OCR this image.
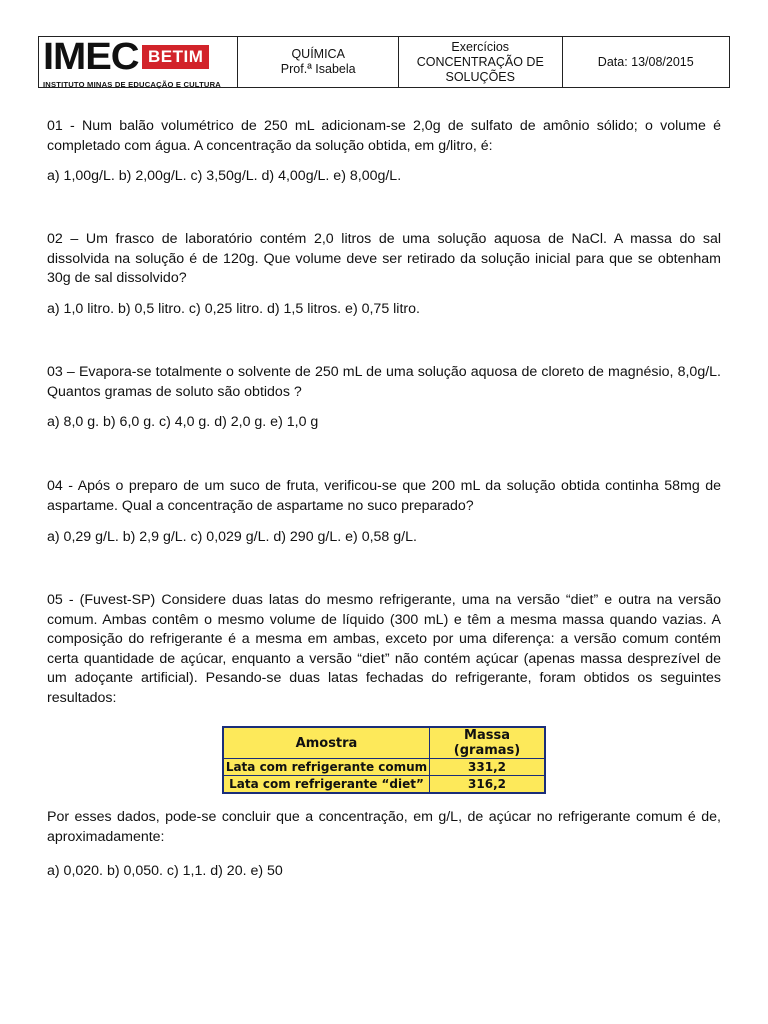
IMEC BETIM
INSTITUTO MINAS DE EDUCAÇÃO E CULTURA
QUÍMICA
Prof.ª Isabela
Exercícios
CONCENTRAÇÃO DE SOLUÇÕES
Data: 13/08/2015
01 - Num balão volumétrico de 250 mL adicionam-se 2,0g de sulfato de amônio sólido; o volume é completado com água. A concentração da solução obtida, em g/litro, é:
a) 1,00g/L. b) 2,00g/L. c) 3,50g/L. d) 4,00g/L. e) 8,00g/L.
02 – Um frasco de laboratório contém 2,0 litros de uma solução aquosa de NaCl. A massa do sal dissolvida na solução é de 120g. Que volume deve ser retirado da solução inicial para que se obtenham 30g de sal dissolvido?
a) 1,0 litro. b) 0,5 litro. c) 0,25 litro. d) 1,5 litros. e) 0,75 litro.
03 – Evapora-se totalmente o solvente de 250 mL de uma solução aquosa de cloreto de magnésio, 8,0g/L. Quantos gramas de soluto são obtidos ?
a) 8,0 g. b) 6,0 g. c) 4,0 g. d) 2,0 g. e) 1,0 g
04 - Após o preparo de um suco de fruta, verificou-se que 200 mL da solução obtida continha 58mg de aspartame. Qual a concentração de aspartame no suco preparado?
a) 0,29 g/L. b) 2,9 g/L. c) 0,029 g/L. d) 290 g/L. e) 0,58 g/L.
05 - (Fuvest-SP) Considere duas latas do mesmo refrigerante, uma na versão “diet” e outra na versão comum. Ambas contêm o mesmo volume de líquido (300 mL) e têm a mesma massa quando vazias. A composição do refrigerante é a mesma em ambas, exceto por uma diferença: a versão comum contém certa quantidade de açúcar, enquanto a versão “diet” não contém açúcar (apenas massa desprezível de um adoçante artificial). Pesando-se duas latas fechadas do refrigerante, foram obtidos os seguintes resultados:
Amostra	Massa (gramas)
Lata com refrigerante comum	331,2
Lata com refrigerante “diet”	316,2
Por esses dados, pode-se concluir que a concentração, em g/L, de açúcar no refrigerante comum é de, aproximadamente:
a) 0,020. b) 0,050. c) 1,1. d) 20. e) 50
